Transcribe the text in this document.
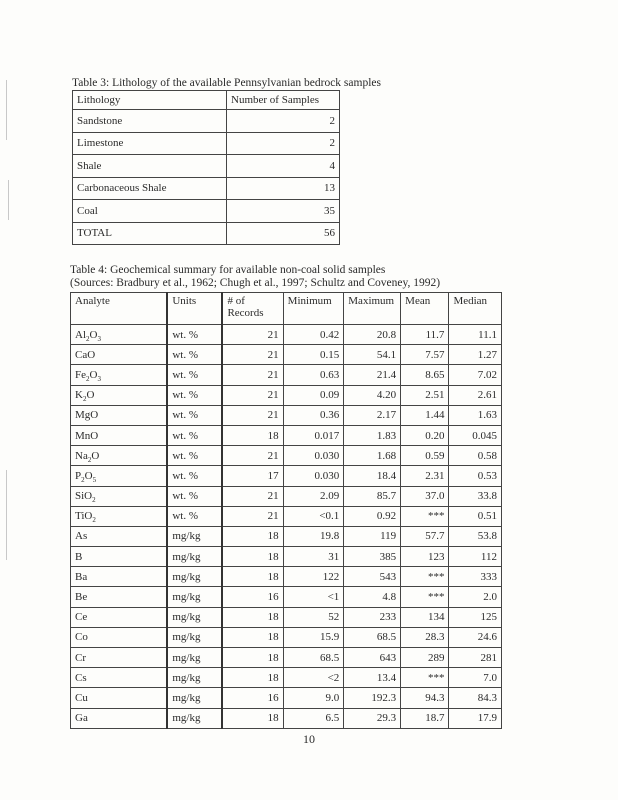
Table 3: Lithology of the available Pennsylvanian bedrock samples
Lithology	Number of Samples
Sandstone	2
Limestone	2
Shale	4
Carbonaceous Shale	13
Coal	35
TOTAL	56
Table 4: Geochemical summary for available non-coal solid samples
(Sources: Bradbury et al., 1962; Chugh et al., 1997; Schultz and Coveney, 1992)
Analyte	Units	# of Records	Minimum	Maximum	Mean	Median
$Al_2O_3$	wt. %	21	0.42	20.8	11.7	11.1
CaO	wt. %	21	0.15	54.1	7.57	1.27
$Fe_2O_3$	wt. %	21	0.63	21.4	8.65	7.02
$K_2O$	wt. %	21	0.09	4.20	2.51	2.61
MgO	wt. %	21	0.36	2.17	1.44	1.63
MnO	wt. %	18	0.017	1.83	0.20	0.045
$Na_2O$	wt. %	21	0.030	1.68	0.59	0.58
$P_2O_5$	wt. %	17	0.030	18.4	2.31	0.53
SiO$_2$	wt. %	21	2.09	85.7	37.0	33.8
TiO$_2$	wt. %	21	<0.1	0.92	***	0.51
As	mg/kg	18	19.8	119	57.7	53.8
B	mg/kg	18	31	385	123	112
Ba	mg/kg	18	122	543	***	333
Be	mg/kg	16	<1	4.8	***	2.0
Ce	mg/kg	18	52	233	134	125
Co	mg/kg	18	15.9	68.5	28.3	24.6
Cr	mg/kg	18	68.5	643	289	281
Cs	mg/kg	18	<2	13.4	***	7.0
Cu	mg/kg	16	9.0	192.3	94.3	84.3
Ga	mg/kg	18	6.5	29.3	18.7	17.9
10
